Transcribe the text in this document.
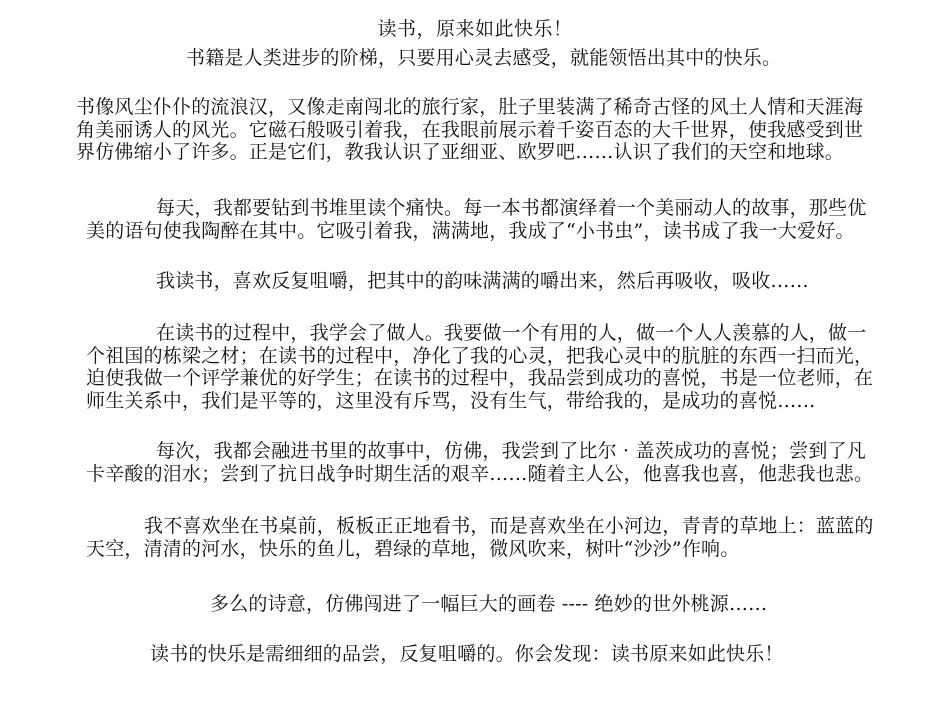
读书，原来如此快乐！

书籍是人类进步的阶梯，只要用心灵去感受，就能领悟出其中的快乐。

书像风尘仆仆的流浪汉，又像走南闯北的旅行家，肚子里装满了稀奇古怪的风土人情和天涯海角美丽诱人的风光。它磁石般吸引着我，在我眼前展示着千姿百态的大千世界，使我感受到世界仿佛缩小了许多。正是它们，教我认识了亚细亚、欧罗吧……认识了我们的天空和地球。

每天，我都要钻到书堆里读个痛快。每一本书都演绎着一个美丽动人的故事，那些优美的语句使我陶醉在其中。它吸引着我，满满地，我成了“小书虫”，读书成了我一大爱好。

我读书，喜欢反复咀嚼，把其中的韵味满满的嚼出来，然后再吸收，吸收……

在读书的过程中，我学会了做人。我要做一个有用的人，做一个人人羡慕的人，做一个祖国的栋梁之材；在读书的过程中，净化了我的心灵，把我心灵中的肮脏的东西一扫而光，迫使我做一个评学兼优的好学生；在读书的过程中，我品尝到成功的喜悦，书是一位老师，在师生关系中，我们是平等的，这里没有斥骂，没有生气，带给我的，是成功的喜悦……

每次，我都会融进书里的故事中，仿佛，我尝到了比尔 · 盖茨成功的喜悦；尝到了凡卡辛酸的泪水；尝到了抗日战争时期生活的艰辛……随着主人公，他喜我也喜，他悲我也悲。

我不喜欢坐在书桌前，板板正正地看书，而是喜欢坐在小河边，青青的草地上：蓝蓝的天空，清清的河水，快乐的鱼儿，碧绿的草地，微风吹来，树叶“沙沙”作响。

多么的诗意，仿佛闯进了一幅巨大的画卷 ---- 绝妙的世外桃源……

读书的快乐是需细细的品尝，反复咀嚼的。你会发现：读书原来如此快乐！
